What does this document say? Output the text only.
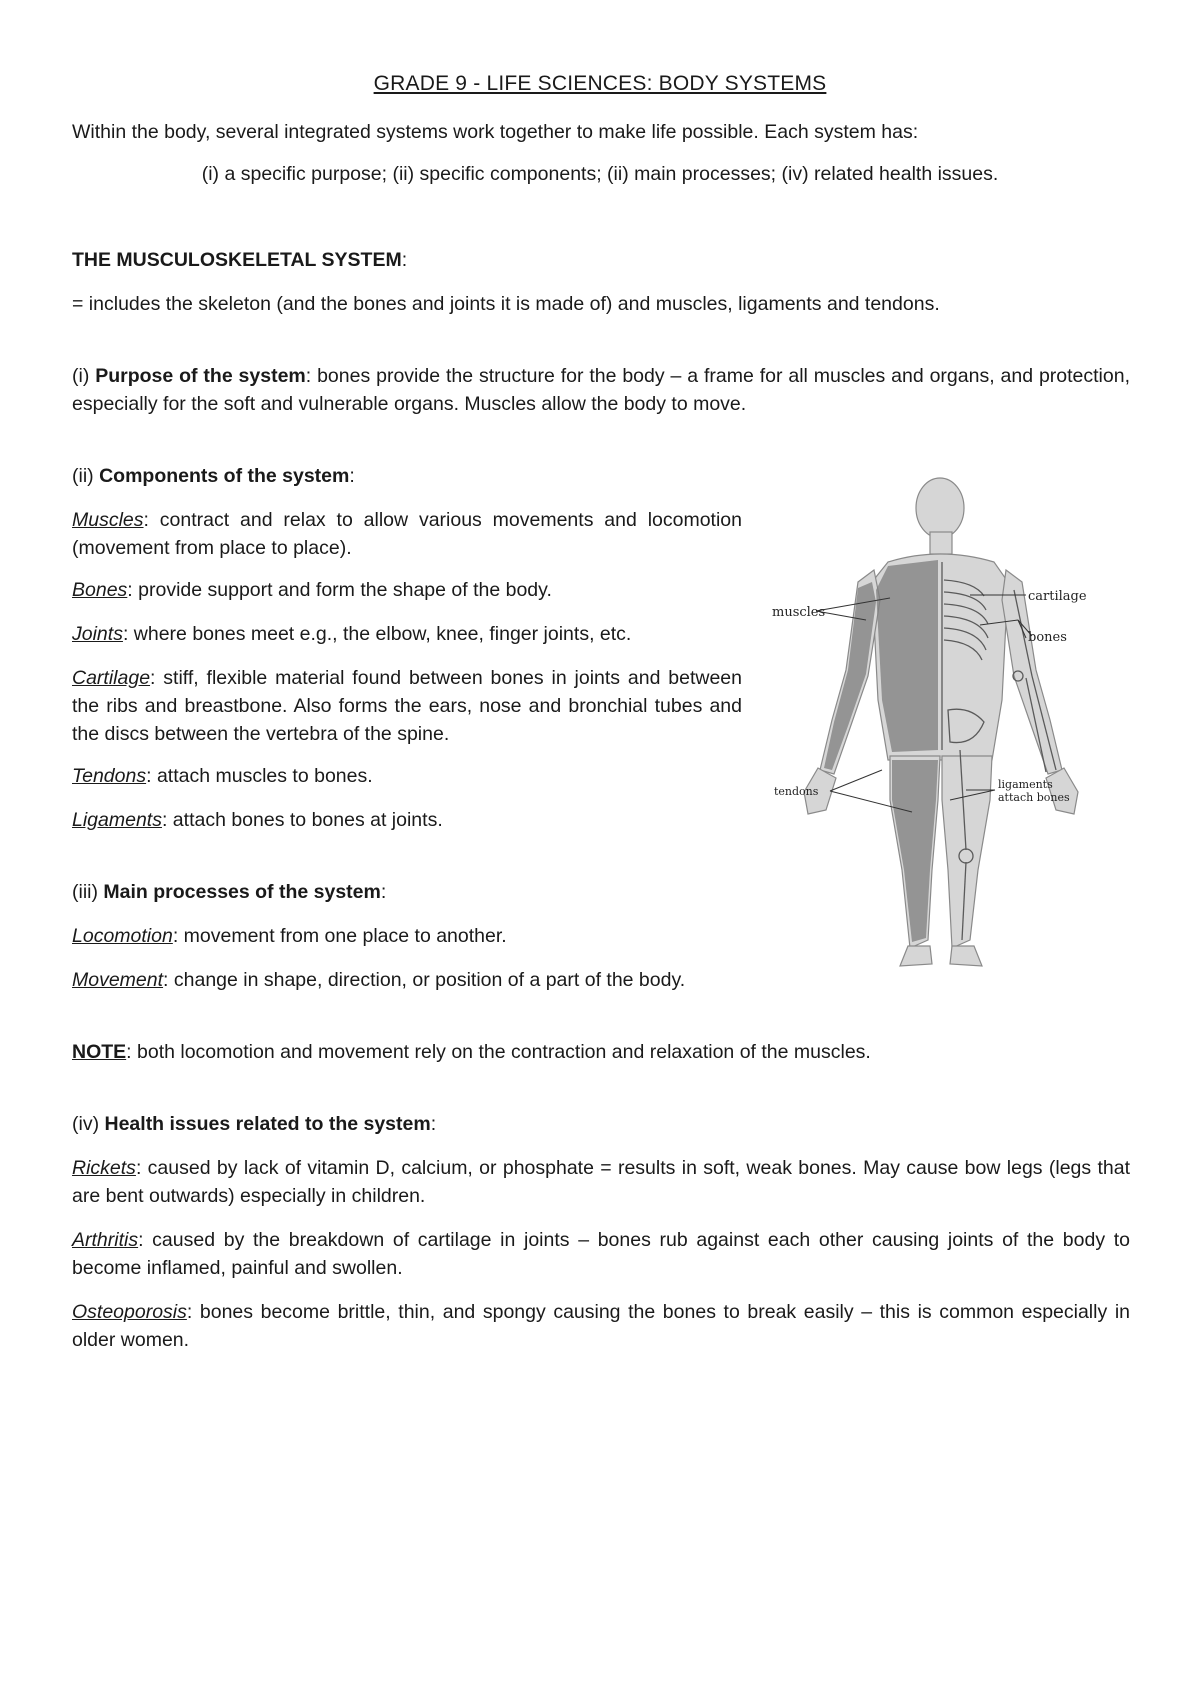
GRADE 9 - LIFE SCIENCES: BODY SYSTEMS

Within the body, several integrated systems work together to make life possible. Each system has:

(i) a specific purpose; (ii) specific components; (ii) main processes; (iv) related health issues.

THE MUSCULOSKELETAL SYSTEM:

= includes the skeleton (and the bones and joints it is made of) and muscles, ligaments and tendons.

(i) Purpose of the system: bones provide the structure for the body – a frame for all muscles and organs, and protection, especially for the soft and vulnerable organs. Muscles allow the body to move.

(ii) Components of the system:

Muscles: contract and relax to allow various movements and locomotion (movement from place to place).

Bones: provide support and form the shape of the body.

Joints: where bones meet e.g., the elbow, knee, finger joints, etc.

Cartilage: stiff, flexible material found between bones in joints and between the ribs and breastbone. Also forms the ears, nose and bronchial tubes and the discs between the vertebra of the spine.

Tendons: attach muscles to bones.

Ligaments: attach bones to bones at joints.

(iii) Main processes of the system:

Locomotion: movement from one place to another.

Movement: change in shape, direction, or position of a part of the body.

NOTE: both locomotion and movement rely on the contraction and relaxation of the muscles.

(iv) Health issues related to the system:

Rickets: caused by lack of vitamin D, calcium, or phosphate = results in soft, weak bones. May cause bow legs (legs that are bent outwards) especially in children.

Arthritis: caused by the breakdown of cartilage in joints – bones rub against each other causing joints of the body to become inflamed, painful and swollen.

Osteoporosis: bones become brittle, thin, and spongy causing the bones to break easily – this is common especially in older women.

muscles
cartilage
bones
tendons
ligaments
attach bones
